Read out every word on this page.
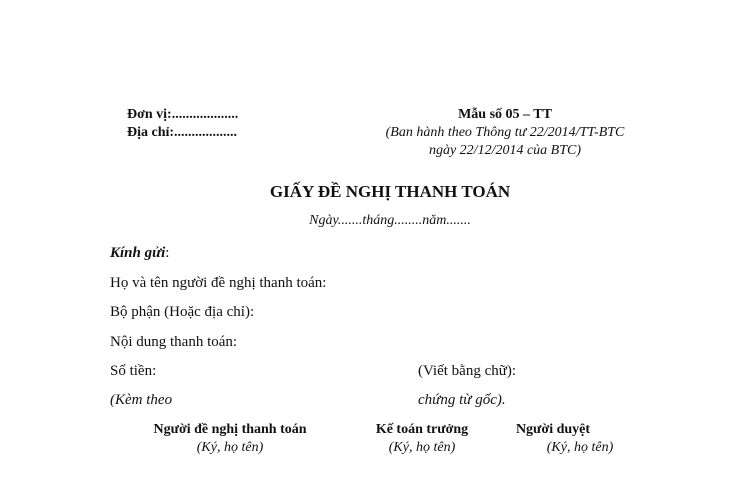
Đơn vị:...................
Địa chỉ:..................
Mẫu số 05 – TT
(Ban hành theo Thông tư 22/2014/TT-BTC
ngày 22/12/2014 của BTC)
GIẤY ĐỀ NGHỊ THANH TOÁN
Ngày.......tháng........năm.......
Kính gửi:
Họ và tên người đề nghị thanh toán:
Bộ phận (Hoặc địa chỉ):
Nội dung thanh toán:
Số tiền:	(Viết bằng chữ):
(Kèm theo	chứng từ gốc).
Người đề nghị thanh toán
(Ký, họ tên)
Kế toán trưởng
(Ký, họ tên)
Người duyệt
(Ký, họ tên)
